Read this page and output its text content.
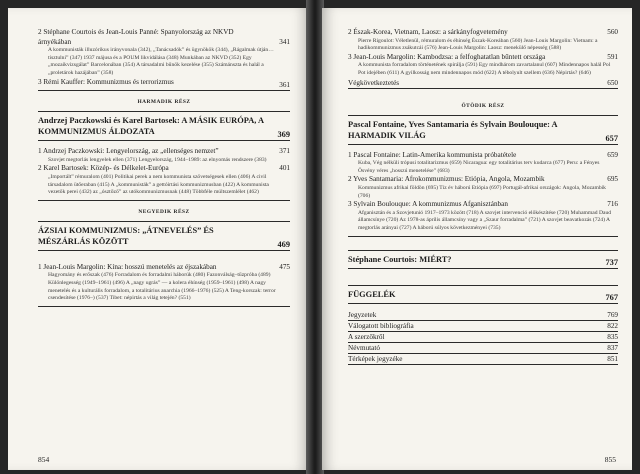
2 Stéphane Courtois és Jean-Louis Panné: Spanyolország az NKVD árnyékában	341
A kommunisták illuzórikus irányvonala (342), „Tanácsadók” és ügynökök (344), „Rágalmak útján… tisztulni” (347) 1937 májusa és a POUM likvidálása (348) Munkában az NKVD (352) Egy „mozaikvizsgálat” Barcelonában (354) A társadalmi bűnök kezelése (355) Számánszta és halál a „proletárok hazájában” (358)
3 Rémi Kauffer: Kommunizmus és terrorizmus	361
HARMADIK RÉSZ
Andrzej Paczkowski és Karel Bartosek: A MÁSIK EURÓPA, A KOMMUNIZMUS ÁLDOZATA	369
1 Andrzej Paczkowski: Lengyelország, az „ellenséges nemzet”	371
Szovjet megtorlás lengyelek ellen (371) Lengyelország, 1944–1989: az elnyomás rendszere (383)
2 Karel Bartosek: Közép- és Délkelet-Európa	401
„Importált” rémuralom (401) Politikai perek a nem kommunista szövetségesek ellen (406) A civil társadalom ütőeraban (415) A „kommunisták” a gettóirtási kommunizmusban (422) A kommunista vezetők perei (432) az „ósztőző” az utókommunizmusnak (448) Többféle múltszemlélet (462)
NEGYEDIK RÉSZ
ÁZSIAI KOMMUNIZMUS: „ÁTNEVELÉS” ÉS MÉSZÁRLÁS KÖZÖTT	469
1 Jean-Louis Margolin: Kína: hosszú menetelés az éjszakában	475
Hagyomány és erőszak (476) Forradalom és forradalmi háborúk (480) Fazonválság–tűzpróba (489) Különlegesség (1949–1961) (496) A „nagy ugrás” — a kolera éhínség (1959–1961) (498) A nagy menetelés és a kulturális forradalom, a totalitárius anarchia (1966–1976) (525) A Teng-korszak: terror csendesítése (1976–) (537) Tibet: népirtás a világ tetején? (551)
854
2 Észak-Korea, Vietnam, Laosz: a sárkányfogvetemény	560
Pierre Rigoulot: Véletlenül, rémuralom és éhínség Észak-Koreában (560) Jean-Louis Margolin: Vietnam: a hadikommunizmus zsákutcái (576) Jean-Louis Margolin: Laosz: menekülő népesség (588)
3 Jean-Louis Margolin: Kambodzsa: a felfoghatatlan bűntett országa	591
A kommunista forradalom történetének spirálja (591) Egy mindhárom zavartalanul (607) Mindennapos halál Pol Pot idejében (611) A gyilkosság nem mindennapos mód (622) A tébolyult szellem (636) Népirtás? (646)
Végkövetkeztetés	650
ÖTÖDIK RÉSZ
Pascal Fontaine, Yves Santamaria és Sylvain Boulouque: A HARMADIK VILÁG	657
1 Pascal Fontaine: Latin-Amerika kommunista próbatétele	659
Kuba, Vég nélküli trópusi totalitarizmus (659) Nicaragua: egy totalitárius terv kudarca (677) Peru: a Fényes Ösvény véres „hosszú menetelése” (683)
2 Yves Santamaria: Afrokommunizmus: Etiópia, Angola, Mozambik	695
Kommunizmus afrikai földön (695) Tíz év háború Etiópia (697) Portugál-afrikai országok: Angola, Mozambik (706)
3 Sylvain Boulouque: A kommunizmus Afganisztánban	716
Afganisztán és a Szovjetunió 1917–1973 között (718) A szovjet intervenció előkészítése (720) Muhammad Daud államcsínye (720) Az 1978-as április államcsíny vagy a „Szaur forradalma” (721) A szovjet beavatkozás (724) A megtorlás arányai (727) A háború súlyos következményei (735)
Stéphane Courtois: MIÉRT?	737
FÜGGELÉK	767
Jegyzetek	769
Válogatott bibliográfia	822
A szerzőkről	835
Névmutató	837
Térképek jegyzéke	851
855
